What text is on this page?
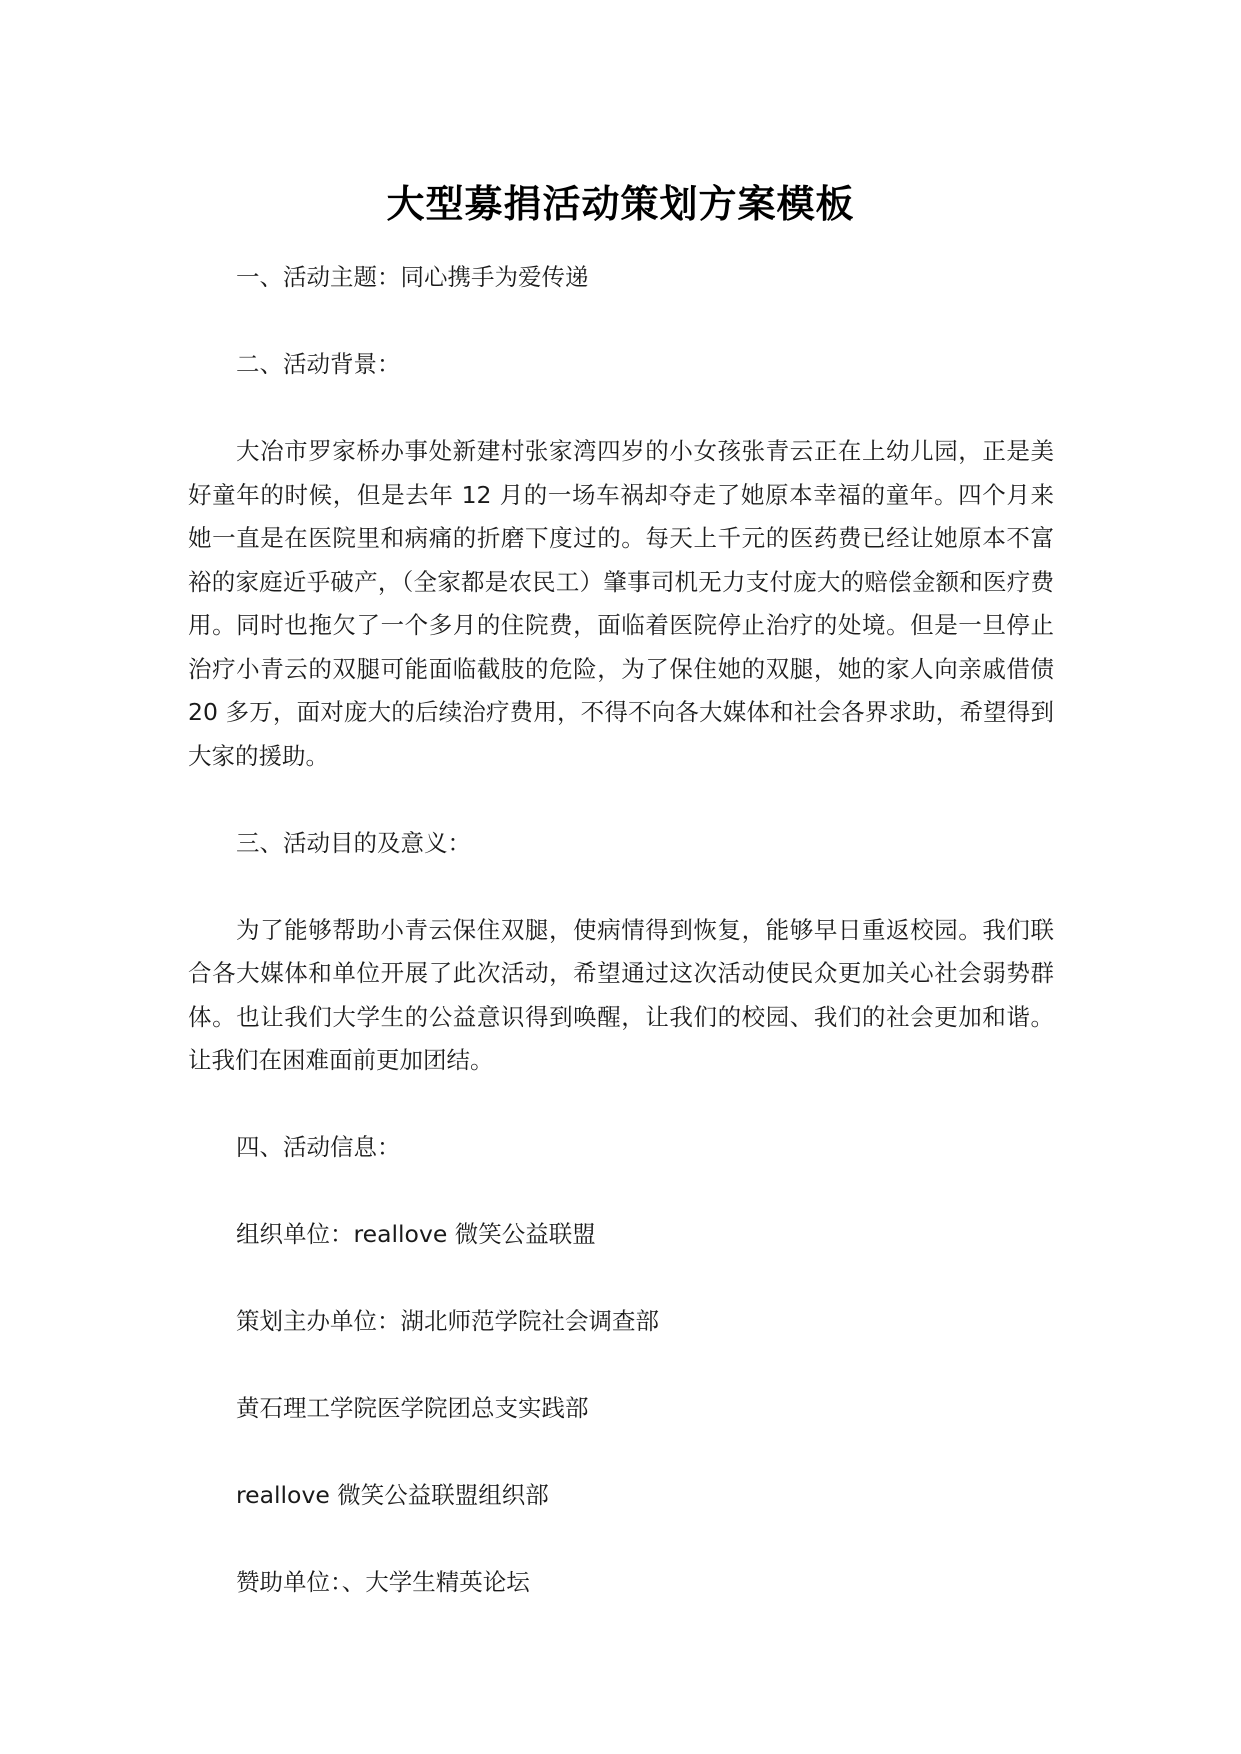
大型募捐活动策划方案模板

一、活动主题：同心携手为爱传递

二、活动背景：

大冶市罗家桥办事处新建村张家湾四岁的小女孩张青云正在上幼儿园，正是美好童年的时候，但是去年 12 月的一场车祸却夺走了她原本幸福的童年。四个月来她一直是在医院里和病痛的折磨下度过的。每天上千元的医药费已经让她原本不富裕的家庭近乎破产，（全家都是农民工）肇事司机无力支付庞大的赔偿金额和医疗费用。同时也拖欠了一个多月的住院费，面临着医院停止治疗的处境。但是一旦停止治疗小青云的双腿可能面临截肢的危险，为了保住她的双腿，她的家人向亲戚借债 20 多万，面对庞大的后续治疗费用，不得不向各大媒体和社会各界求助，希望得到大家的援助。

三、活动目的及意义：

为了能够帮助小青云保住双腿，使病情得到恢复，能够早日重返校园。我们联合各大媒体和单位开展了此次活动，希望通过这次活动使民众更加关心社会弱势群体。也让我们大学生的公益意识得到唤醒，让我们的校园、我们的社会更加和谐。让我们在困难面前更加团结。

四、活动信息：

组织单位：reallove 微笑公益联盟

策划主办单位：湖北师范学院社会调查部

黄石理工学院医学院团总支实践部

reallove 微笑公益联盟组织部

赞助单位：、大学生精英论坛
